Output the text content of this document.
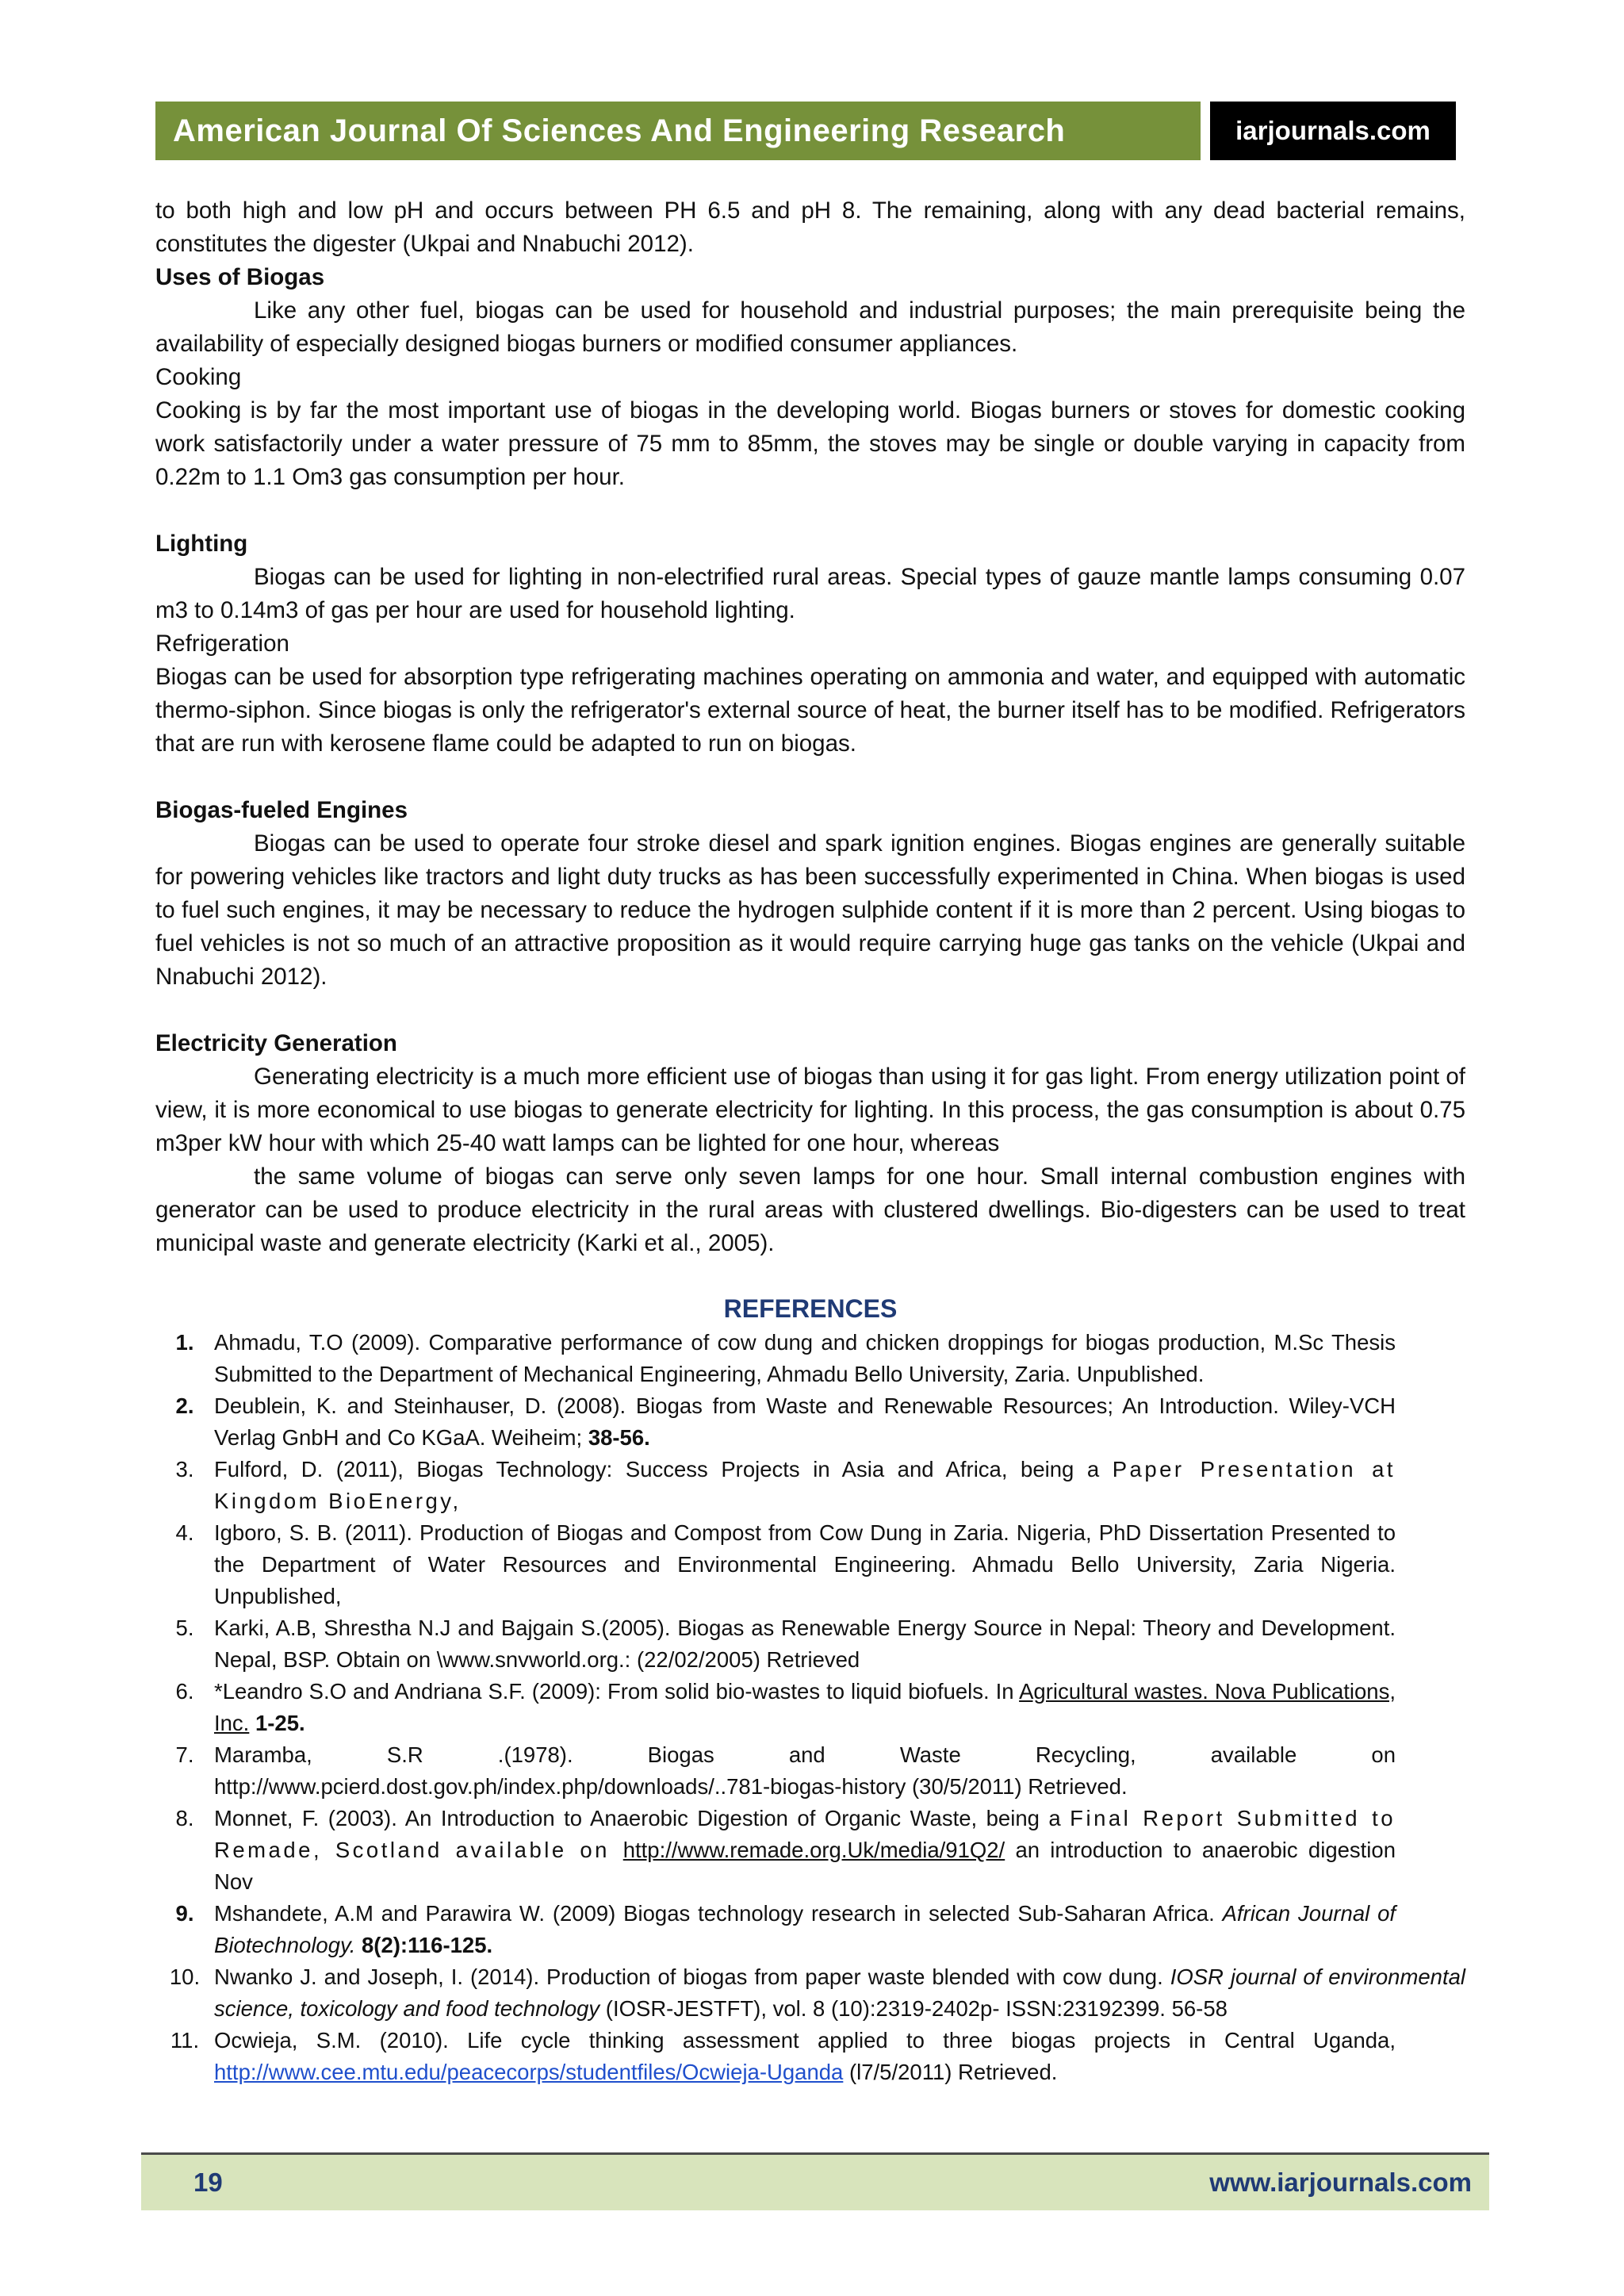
American Journal Of Sciences And Engineering Research	iarjournals.com

to both high and low pH and occurs between PH 6.5 and pH 8. The remaining, along with any dead bacterial remains, constitutes the digester (Ukpai and Nnabuchi 2012).

Uses of Biogas

Like any other fuel, biogas can be used for household and industrial purposes; the main prerequisite being the availability of especially designed biogas burners or modified consumer appliances.

Cooking

Cooking is by far the most important use of biogas in the developing world. Biogas burners or stoves for domestic cooking work satisfactorily under a water pressure of 75 mm to 85mm, the stoves may be single or double varying in capacity from 0.22m to 1.1 Om3 gas consumption per hour.

Lighting

Biogas can be used for lighting in non-electrified rural areas. Special types of gauze mantle lamps consuming 0.07 m3 to 0.14m3 of gas per hour are used for household lighting.

Refrigeration

Biogas can be used for absorption type refrigerating machines operating on ammonia and water, and equipped with automatic thermo-siphon. Since biogas is only the refrigerator's external source of heat, the burner itself has to be modified. Refrigerators that are run with kerosene flame could be adapted to run on biogas.

Biogas-fueled Engines

Biogas can be used to operate four stroke diesel and spark ignition engines. Biogas engines are generally suitable for powering vehicles like tractors and light duty trucks as has been successfully experimented in China. When biogas is used to fuel such engines, it may be necessary to reduce the hydrogen sulphide content if it is more than 2 percent. Using biogas to fuel vehicles is not so much of an attractive proposition as it would require carrying huge gas tanks on the vehicle (Ukpai and Nnabuchi 2012).

Electricity Generation

Generating electricity is a much more efficient use of biogas than using it for gas light. From energy utilization point of view, it is more economical to use biogas to generate electricity for lighting. In this process, the gas consumption is about 0.75 m3per kW hour with which 25-40 watt lamps can be lighted for one hour, whereas

the same volume of biogas can serve only seven lamps for one hour. Small internal combustion engines with generator can be used to produce electricity in the rural areas with clustered dwellings. Bio-digesters can be used to treat municipal waste and generate electricity (Karki et al., 2005).

REFERENCES
1. Ahmadu, T.O (2009). Comparative performance of cow dung and chicken droppings for biogas production, M.Sc Thesis Submitted to the Department of Mechanical Engineering, Ahmadu Bello University, Zaria. Unpublished.
2. Deublein, K. and Steinhauser, D. (2008). Biogas from Waste and Renewable Resources; An Introduction. Wiley-VCH Verlag GnbH and Co KGaA. Weiheim; 38-56.
3. Fulford, D. (2011), Biogas Technology: Success Projects in Asia and Africa, being a Paper Presentation at Kingdom BioEnergy,
4. Igboro, S. B. (2011). Production of Biogas and Compost from Cow Dung in Zaria. Nigeria, PhD Dissertation Presented to the Department of Water Resources and Environmental Engineering. Ahmadu Bello University, Zaria Nigeria. Unpublished,
5. Karki, A.B, Shrestha N.J and Bajgain S.(2005). Biogas as Renewable Energy Source in Nepal: Theory and Development. Nepal, BSP. Obtain on \www.snvworld.org.: (22/02/2005) Retrieved
6. *Leandro S.O and Andriana S.F. (2009): From solid bio-wastes to liquid biofuels. In Agricultural wastes. Nova Publications, Inc. 1-25.
7. Maramba, S.R .(1978). Biogas and Waste Recycling, available on http://www.pcierd.dost.gov.ph/index.php/downloads/..781-biogas-history (30/5/2011) Retrieved.
8. Monnet, F. (2003). An Introduction to Anaerobic Digestion of Organic Waste, being a Final Report Submitted to Remade, Scotland available on http://www.remade.org.Uk/media/91Q2/ an introduction to anaerobic digestion Nov
9. Mshandete, A.M and Parawira W. (2009) Biogas technology research in selected Sub-Saharan Africa. African Journal of Biotechnology. 8(2):116-125.
10. Nwanko J. and Joseph, I. (2014). Production of biogas from paper waste blended with cow dung. IOSR journal of environmental science, toxicology and food technology (IOSR-JESTFT), vol. 8 (10):2319-2402p- ISSN:23192399. 56-58
11. Ocwieja, S.M. (2010). Life cycle thinking assessment applied to three biogas projects in Central Uganda, http://www.cee.mtu.edu/peacecorps/studentfiles/Ocwieja-Uganda (l7/5/2011) Retrieved.
19	www.iarjournals.com
